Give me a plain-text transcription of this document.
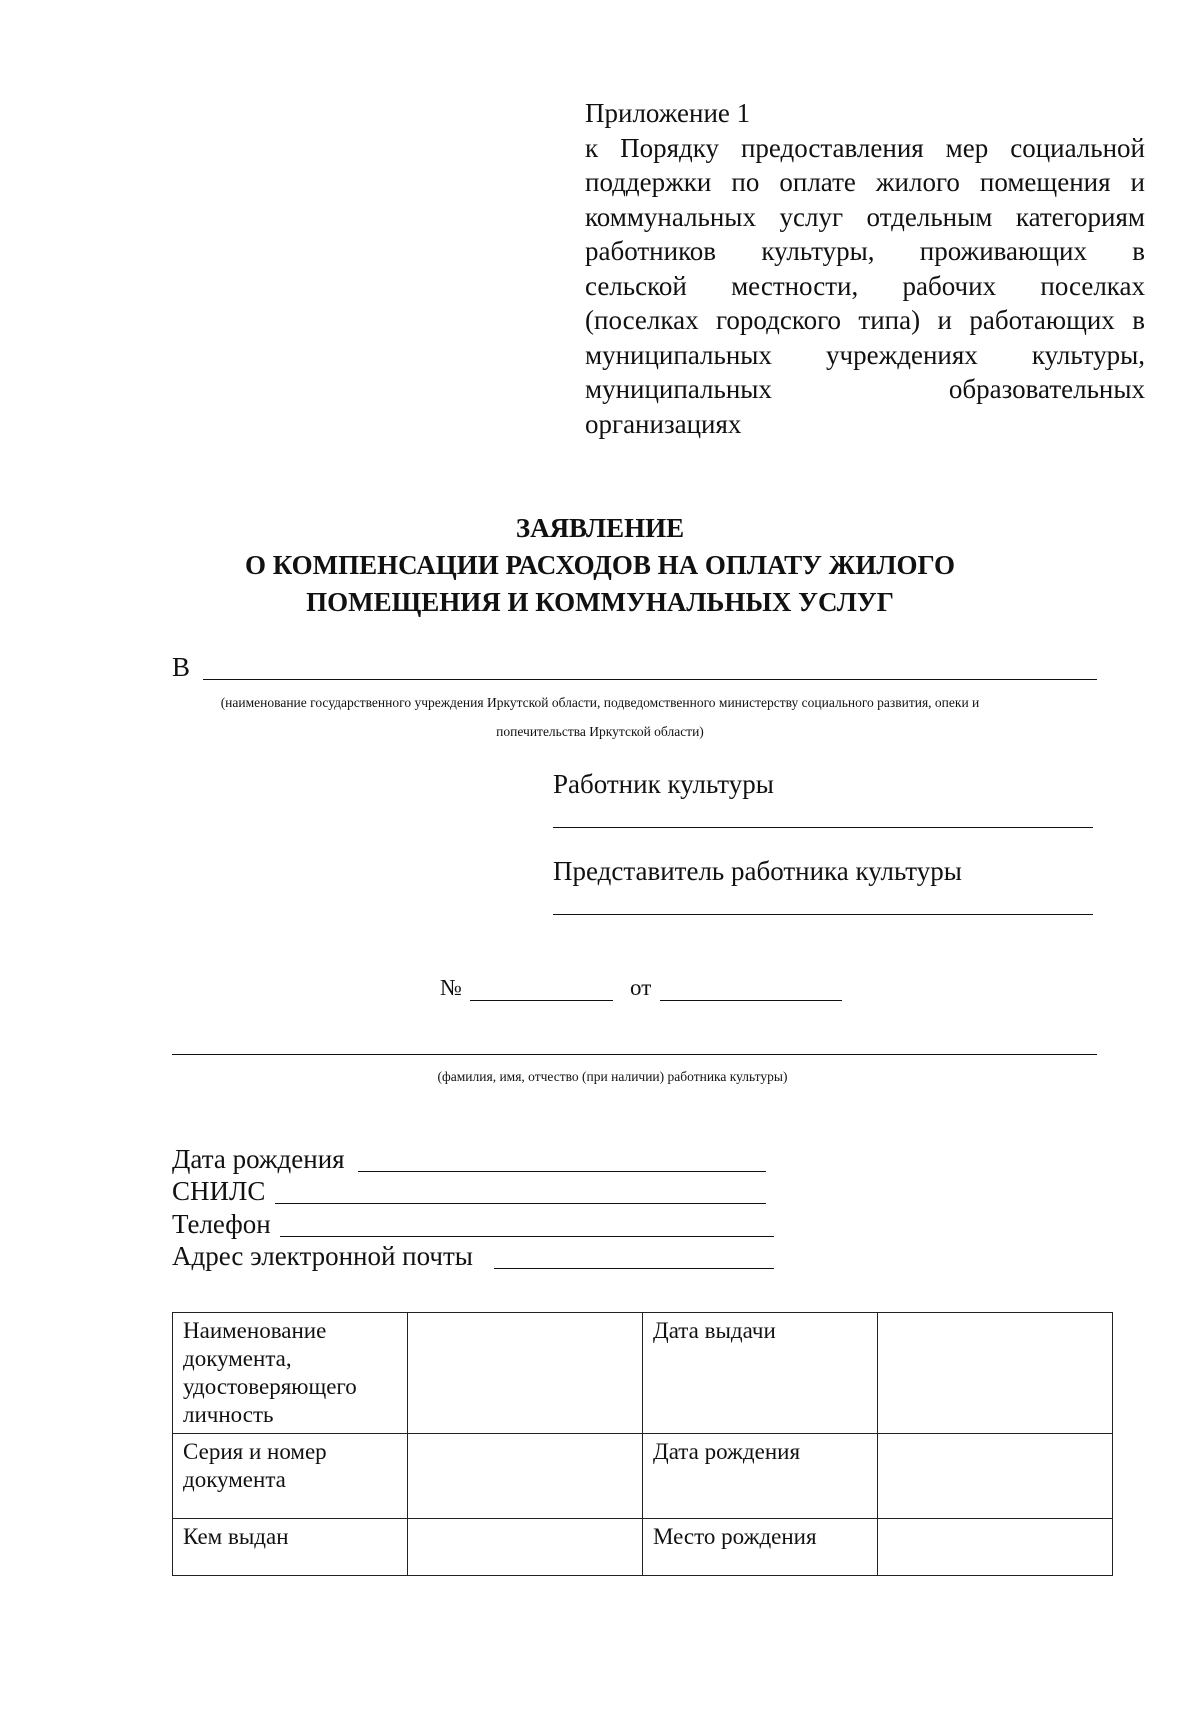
Приложение 1
к Порядку предоставления мер социальной
поддержки по оплате жилого помещения и
коммунальных услуг отдельным категориям
работников культуры, проживающих в
сельской местности, рабочих поселках
(поселках городского типа) и работающих в
муниципальных учреждениях культуры,
муниципальных образовательных
организациях
ЗАЯВЛЕНИЕ
О КОМПЕНСАЦИИ РАСХОДОВ НА ОПЛАТУ ЖИЛОГО
ПОМЕЩЕНИЯ И КОММУНАЛЬНЫХ УСЛУГ
В
(наименование государственного учреждения Иркутской области, подведомственного министерству социального развития, опеки и
попечительства Иркутской области)
Работник культуры
Представитель работника культуры
№	от
(фамилия, имя, отчество (при наличии) работника культуры)
Дата рождения
СНИЛС
Телефон
Адрес электронной почты
Наименование документа, удостоверяющего личность		Дата выдачи	
Серия и номер документа		Дата рождения	
Кем выдан		Место рождения	
